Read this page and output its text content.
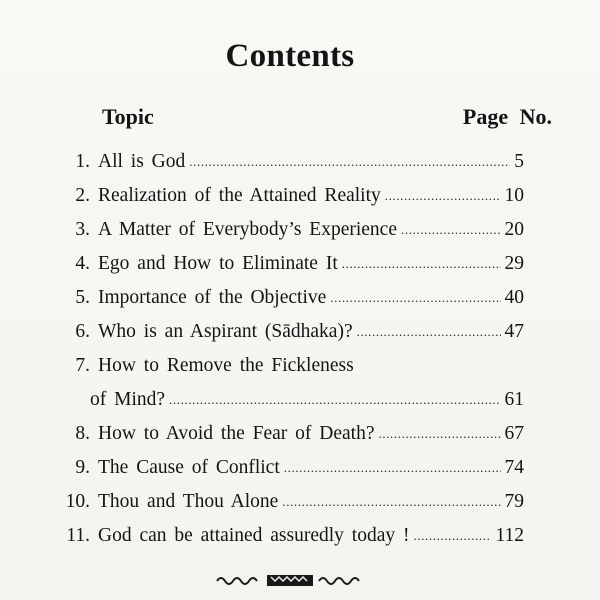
Contents
Topic	Page No.
1. All is God .....	5
2. Realization of the Attained Reality .....	10
3. A Matter of Everybody’s Experience .....	20
4. Ego and How to Eliminate It .....	29
5. Importance of the Objective .....	40
6. Who is an Aspirant (Sādhaka)? .....	47
7. How to Remove the Fickleness
of Mind? .....	61
8. How to Avoid the Fear of Death? .....	67
9. The Cause of Conflict .....	74
10. Thou and Thou Alone .....	79
11. God can be attained assuredly today ! .....	112
